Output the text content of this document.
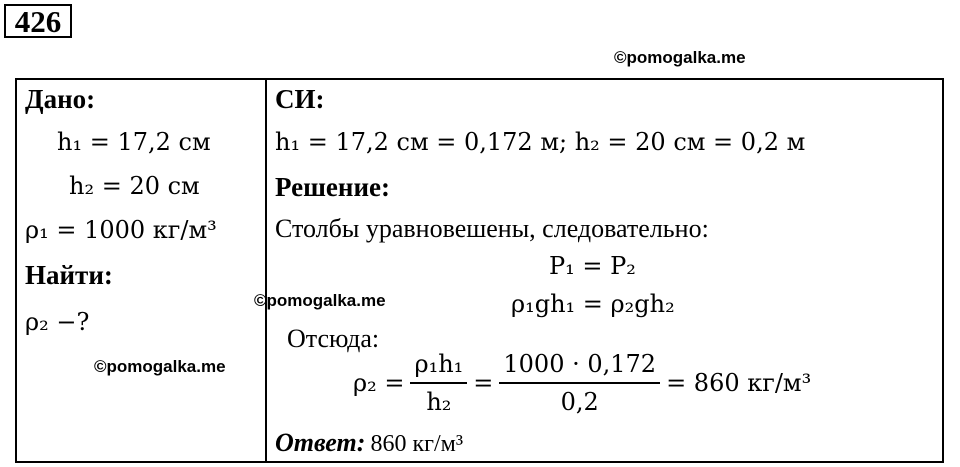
426
©pomogalka.me
Дано:
h₁ = 17,2 см
h₂ = 20 см
ρ₁ = 1000 кг/м³
Найти:
ρ₂ −?
СИ:
h₁ = 17,2 см = 0,172 м; h₂ = 20 см = 0,2 м
Решение:
Столбы уравновешены, следовательно:
P₁ = P₂
ρ₁gh₁ = ρ₂gh₂
Отсюда:
$\rho_2 = \frac{\text{ρ₁h₁}}{\text{h₂}} = \frac{1000 \cdot 0,172}{0,2} = 860$ кг/м³
Ответ: 860 кг/м³
©pomogalka.me
©pomogalka.me
